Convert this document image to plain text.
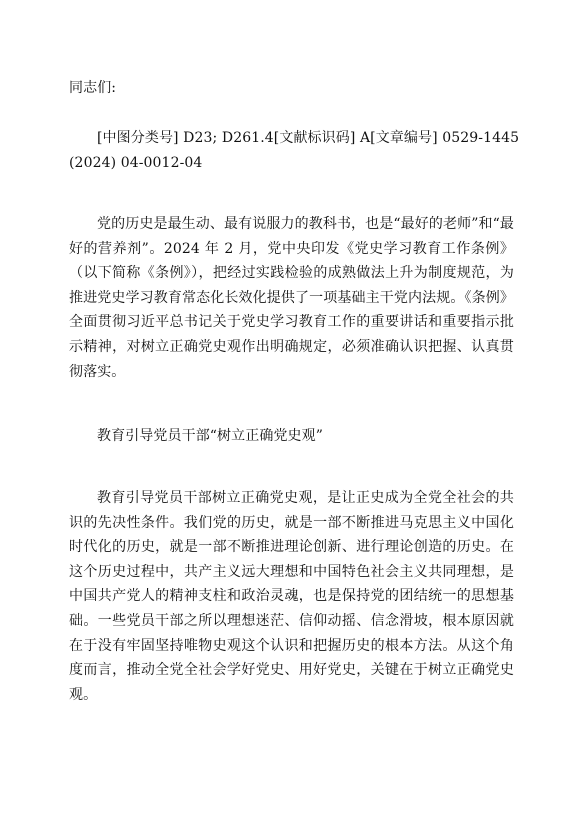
同志们:
[中图分类号] D23; D261.4[文献标识码] A[文章编号] 0529-1445
(2024) 04-0012-04
党的历史是最生动、最有说服力的教科书，也是“最好的老师”和“最好的营养剂”。2024 年 2 月，党中央印发《党史学习教育工作条例》（以下简称《条例》），把经过实践检验的成熟做法上升为制度规范，为推进党史学习教育常态化长效化提供了一项基础主干党内法规。《条例》全面贯彻习近平总书记关于党史学习教育工作的重要讲话和重要指示批示精神，对树立正确党史观作出明确规定，必须准确认识把握、认真贯彻落实。
教育引导党员干部“树立正确党史观”
教育引导党员干部树立正确党史观，是让正史成为全党全社会的共识的先决性条件。我们党的历史，就是一部不断推进马克思主义中国化时代化的历史，就是一部不断推进理论创新、进行理论创造的历史。在这个历史过程中，共产主义远大理想和中国特色社会主义共同理想，是中国共产党人的精神支柱和政治灵魂，也是保持党的团结统一的思想基础。一些党员干部之所以理想迷茫、信仰动摇、信念滑坡，根本原因就在于没有牢固坚持唯物史观这个认识和把握历史的根本方法。从这个角度而言，推动全党全社会学好党史、用好党史，关键在于树立正确党史观。
